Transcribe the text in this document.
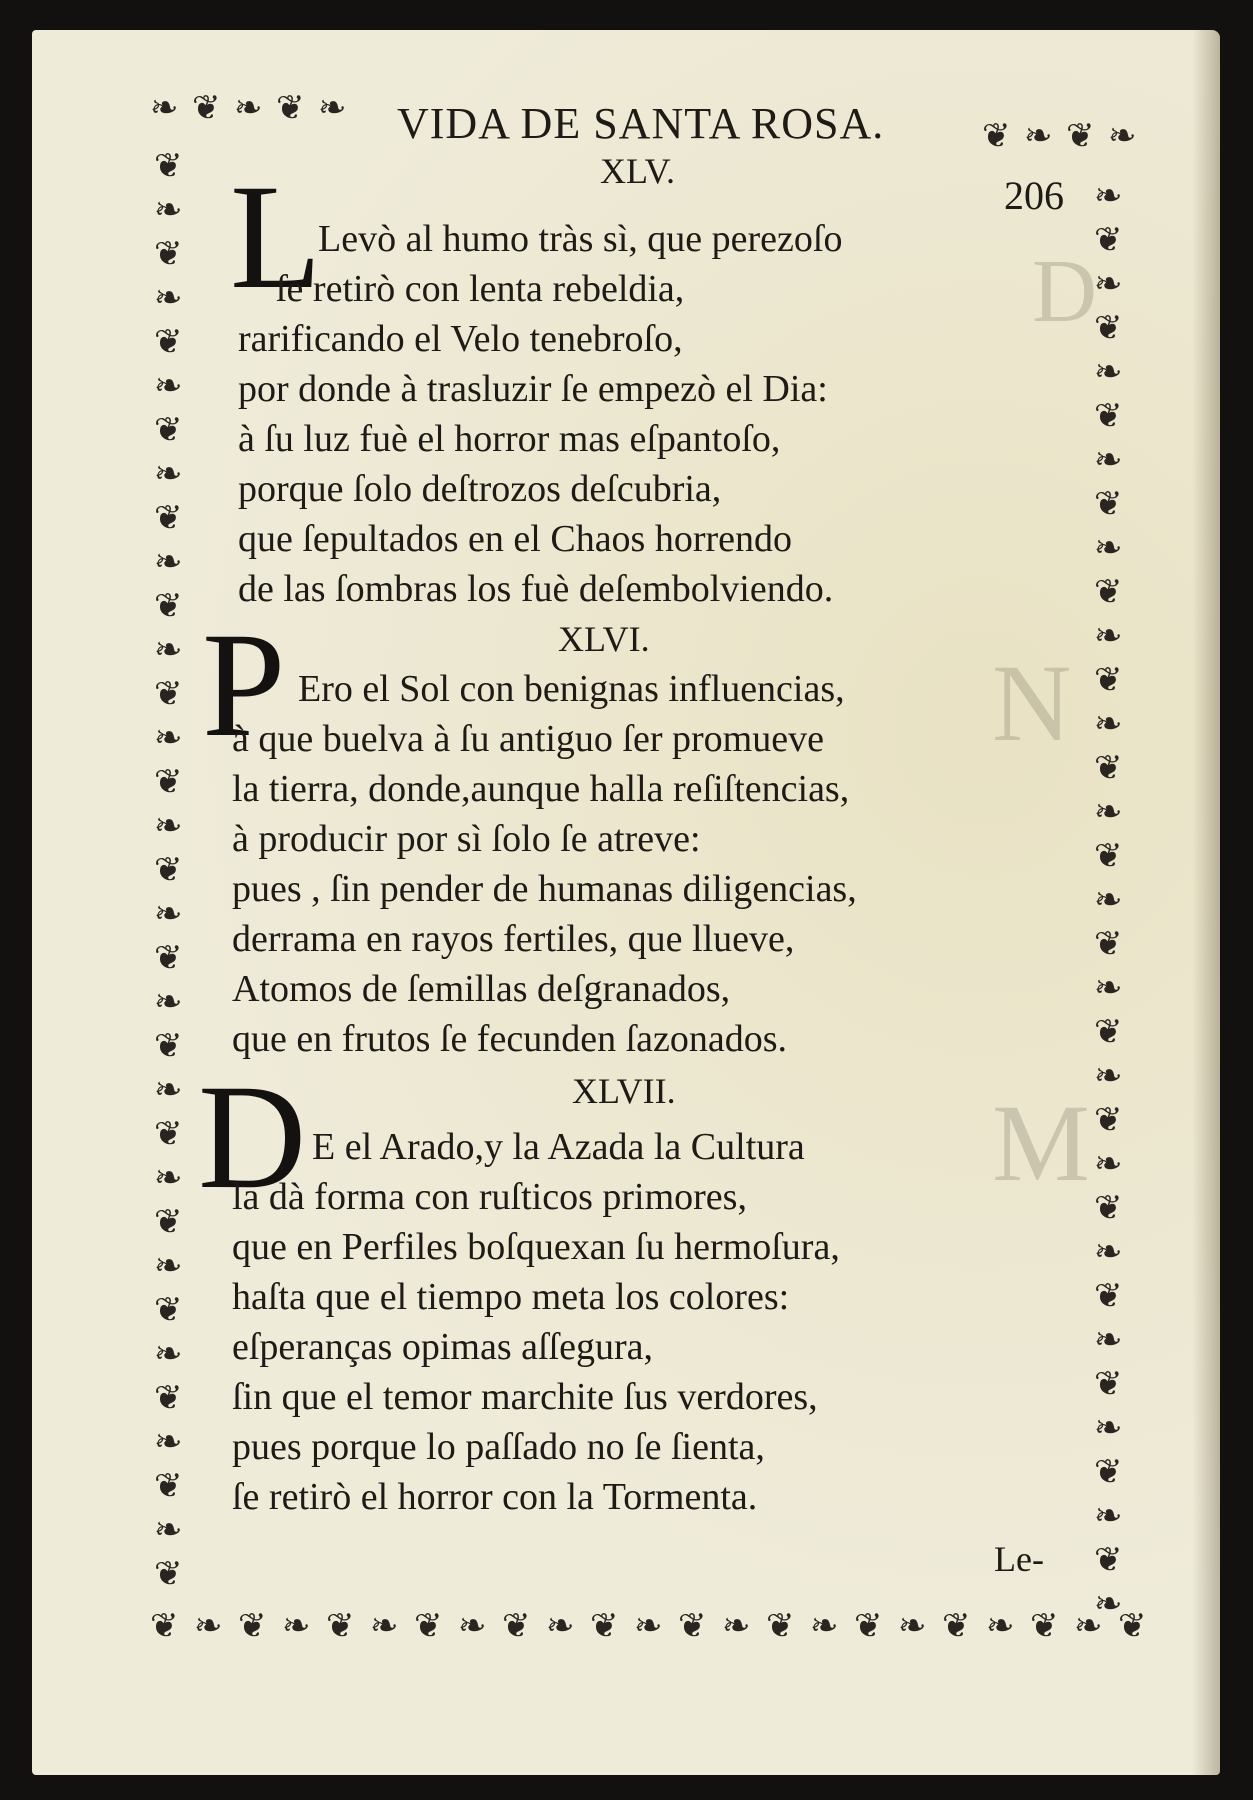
D
N
M
VIDA DE SANTA ROSA.
206
❧ ❦ ❧ ❦ ❧
❦ ❧ ❦ ❧
❦
❧
❦
❧
❦
❧
❦
❧
❦
❧
❦
❧
❦
❧
❦
❧
❦
❧
❦
❧
❦
❧
❦
❧
❦
❧
❦
❧
❦
❧
❦
❧
❦
❧
❦
❧
❦
❧
❦
❧
❦
❧
❦
❧
❦
❧
❦
❧
❦
❧
❦
❧
❦
❧
❦
❧
❦
❧
❦
❧
❦
❧
❦
❧
❦
❧
❦ ❧ ❦ ❧ ❦ ❧ ❦ ❧ ❦ ❧ ❦ ❧ ❦ ❧ ❦ ❧ ❦ ❧ ❦ ❧ ❦ ❧ ❦
XLV.
L
Levò al humo tràs sì, que perezoſo
ſe retirò con lenta rebeldia,
rarificando el Velo tenebroſo,
por donde à trasluzir ſe empezò el Dia:
à ſu luz fuè el horror mas eſpantoſo,
porque ſolo deſtrozos deſcubria,
que ſepultados en el Chaos horrendo
de las ſombras los fuè deſembolviendo.
XLVI.
P Ero el Sol con benignas influencias,
à que buelva à ſu antiguo ſer promueve
la tierra, donde,aunque halla reſiſtencias,
à producir por sì ſolo ſe atreve:
pues , ſin pender de humanas diligencias,
derrama en rayos fertiles, que llueve,
Atomos de ſemillas deſgranados,
que en frutos ſe fecunden ſazonados.
XLVII.
D E el Arado,y la Azada la Cultura
la dà forma con ruſticos primores,
que en Perfiles boſquexan ſu hermoſura,
haſta que el tiempo meta los colores:
eſperanças opimas aſſegura,
ſin que el temor marchite ſus verdores,
pues porque lo paſſado no ſe ſienta,
ſe retirò el horror con la Tormenta.
Le-
